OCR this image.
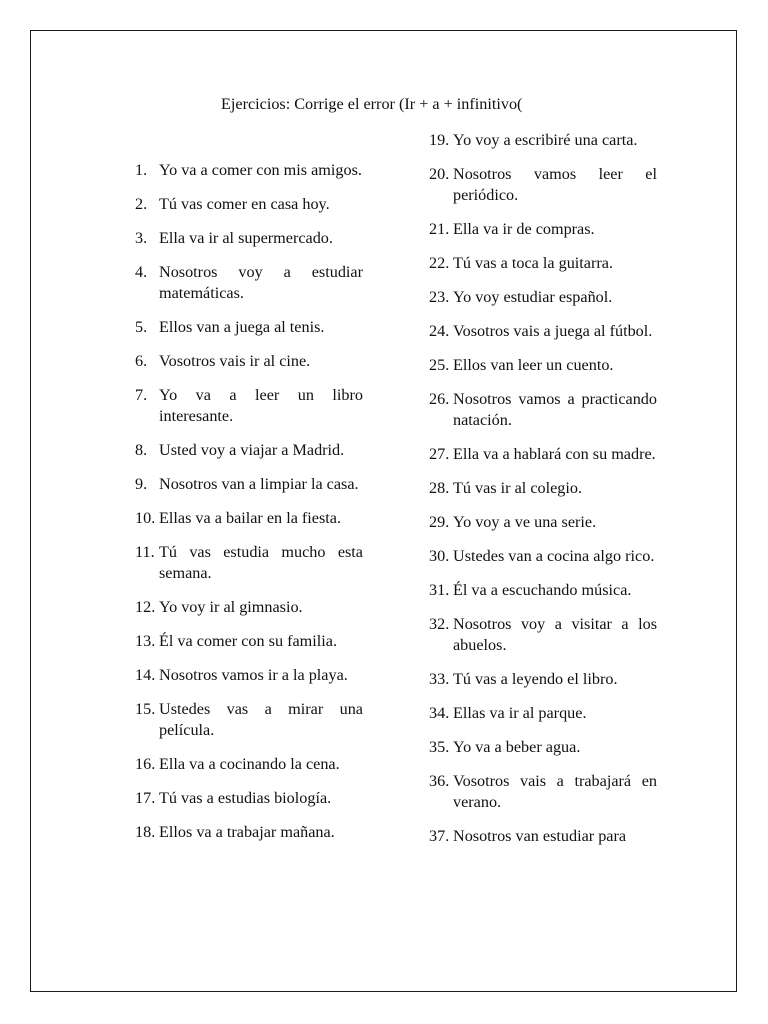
Ejercicios: Corrige el error (Ir + a + infinitivo(
1. Yo va a comer con mis amigos.
2. Tú vas comer en casa hoy.
3. Ella va ir al supermercado.
4. Nosotros voy a estudiar matemáticas.
5. Ellos van a juega al tenis.
6. Vosotros vais ir al cine.
7. Yo va a leer un libro interesante.
8. Usted voy a viajar a Madrid.
9. Nosotros van a limpiar la casa.
10. Ellas va a bailar en la fiesta.
11. Tú vas estudia mucho esta semana.
12. Yo voy ir al gimnasio.
13. Él va comer con su familia.
14. Nosotros vamos ir a la playa.
15. Ustedes vas a mirar una película.
16. Ella va a cocinando la cena.
17. Tú vas a estudias biología.
18. Ellos va a trabajar mañana.
19. Yo voy a escribiré una carta.
20. Nosotros vamos leer el periódico.
21. Ella va ir de compras.
22. Tú vas a toca la guitarra.
23. Yo voy estudiar español.
24. Vosotros vais a juega al fútbol.
25. Ellos van leer un cuento.
26. Nosotros vamos a practicando natación.
27. Ella va a hablará con su madre.
28. Tú vas ir al colegio.
29. Yo voy a ve una serie.
30. Ustedes van a cocina algo rico.
31. Él va a escuchando música.
32. Nosotros voy a visitar a los abuelos.
33. Tú vas a leyendo el libro.
34. Ellas va ir al parque.
35. Yo va a beber agua.
36. Vosotros vais a trabajará en verano.
37. Nosotros van estudiar para
